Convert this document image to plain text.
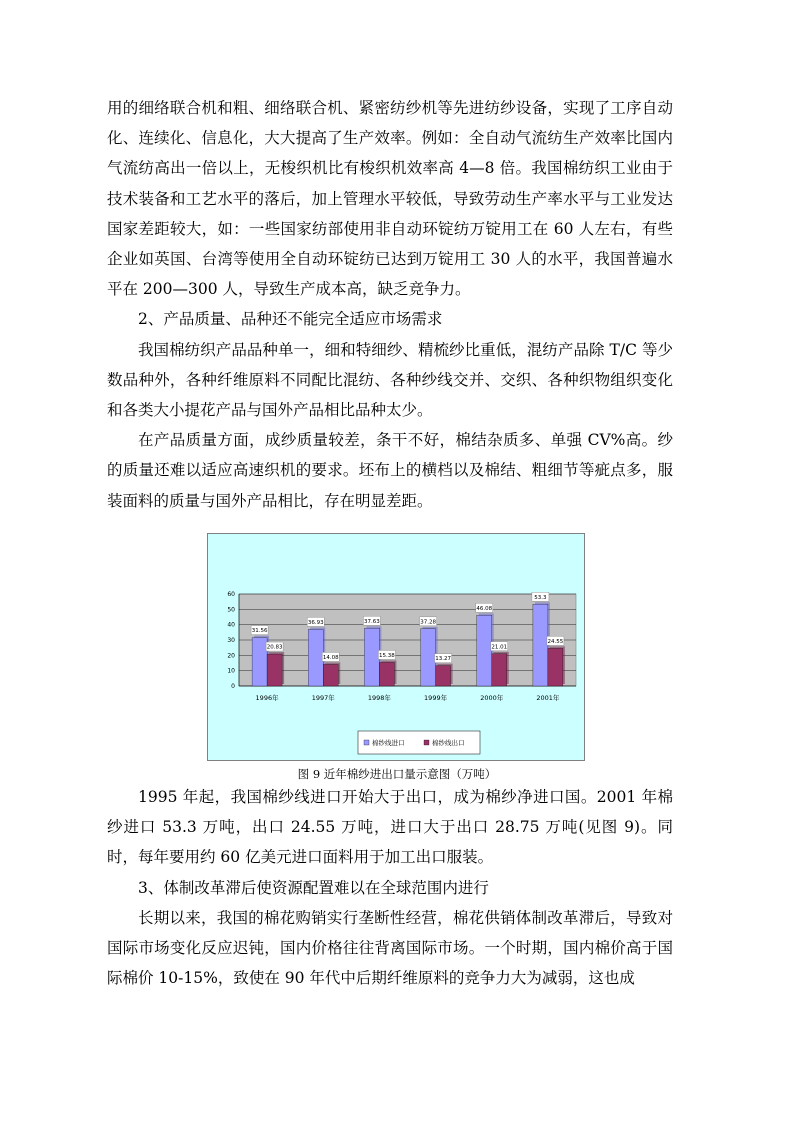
用的细络联合机和粗、细络联合机、紧密纺纱机等先进纺纱设备，实现了工序自动化、连续化、信息化，大大提高了生产效率。例如：全自动气流纺生产效率比国内气流纺高出一倍以上，无梭织机比有梭织机效率高 4—8 倍。我国棉纺织工业由于技术装备和工艺水平的落后，加上管理水平较低，导致劳动生产率水平与工业发达国家差距较大，如：一些国家纺部使用非自动环锭纺万锭用工在 60 人左右，有些企业如英国、台湾等使用全自动环锭纺已达到万锭用工 30 人的水平，我国普遍水平在 200—300 人，导致生产成本高，缺乏竞争力。

2、产品质量、品种还不能完全适应市场需求

我国棉纺织产品品种单一，细和特细纱、精梳纱比重低，混纺产品除 T/C 等少数品种外，各种纤维原料不同配比混纺、各种纱线交并、交织、各种织物组织变化和各类大小提花产品与国外产品相比品种太少。

在产品质量方面，成纱质量较差，条干不好，棉结杂质多、单强 CV%高。纱的质量还难以适应高速织机的要求。坯布上的横档以及棉结、粗细节等疵点多，服装面料的质量与国外产品相比，存在明显差距。

0
10
20
30
40
50
60
1996年
31.56
20.83
1997年
36.93
14.08
1998年
37.63
15.38
1999年
37.28
13.27
2000年
46.08
21.01
2001年
53.3
24.55
棉纱线进口	棉纱线出口
图 9 近年棉纱进出口量示意图（万吨）

1995 年起，我国棉纱线进口开始大于出口，成为棉纱净进口国。2001 年棉纱进口 53.3 万吨，出口 24.55 万吨，进口大于出口 28.75 万吨(见图 9)。同时，每年要用约 60 亿美元进口面料用于加工出口服装。

3、体制改革滞后使资源配置难以在全球范围内进行

长期以来，我国的棉花购销实行垄断性经营，棉花供销体制改革滞后，导致对国际市场变化反应迟钝，国内价格往往背离国际市场。一个时期，国内棉价高于国际棉价 10-15%，致使在 90 年代中后期纤维原料的竞争力大为减弱，这也成
